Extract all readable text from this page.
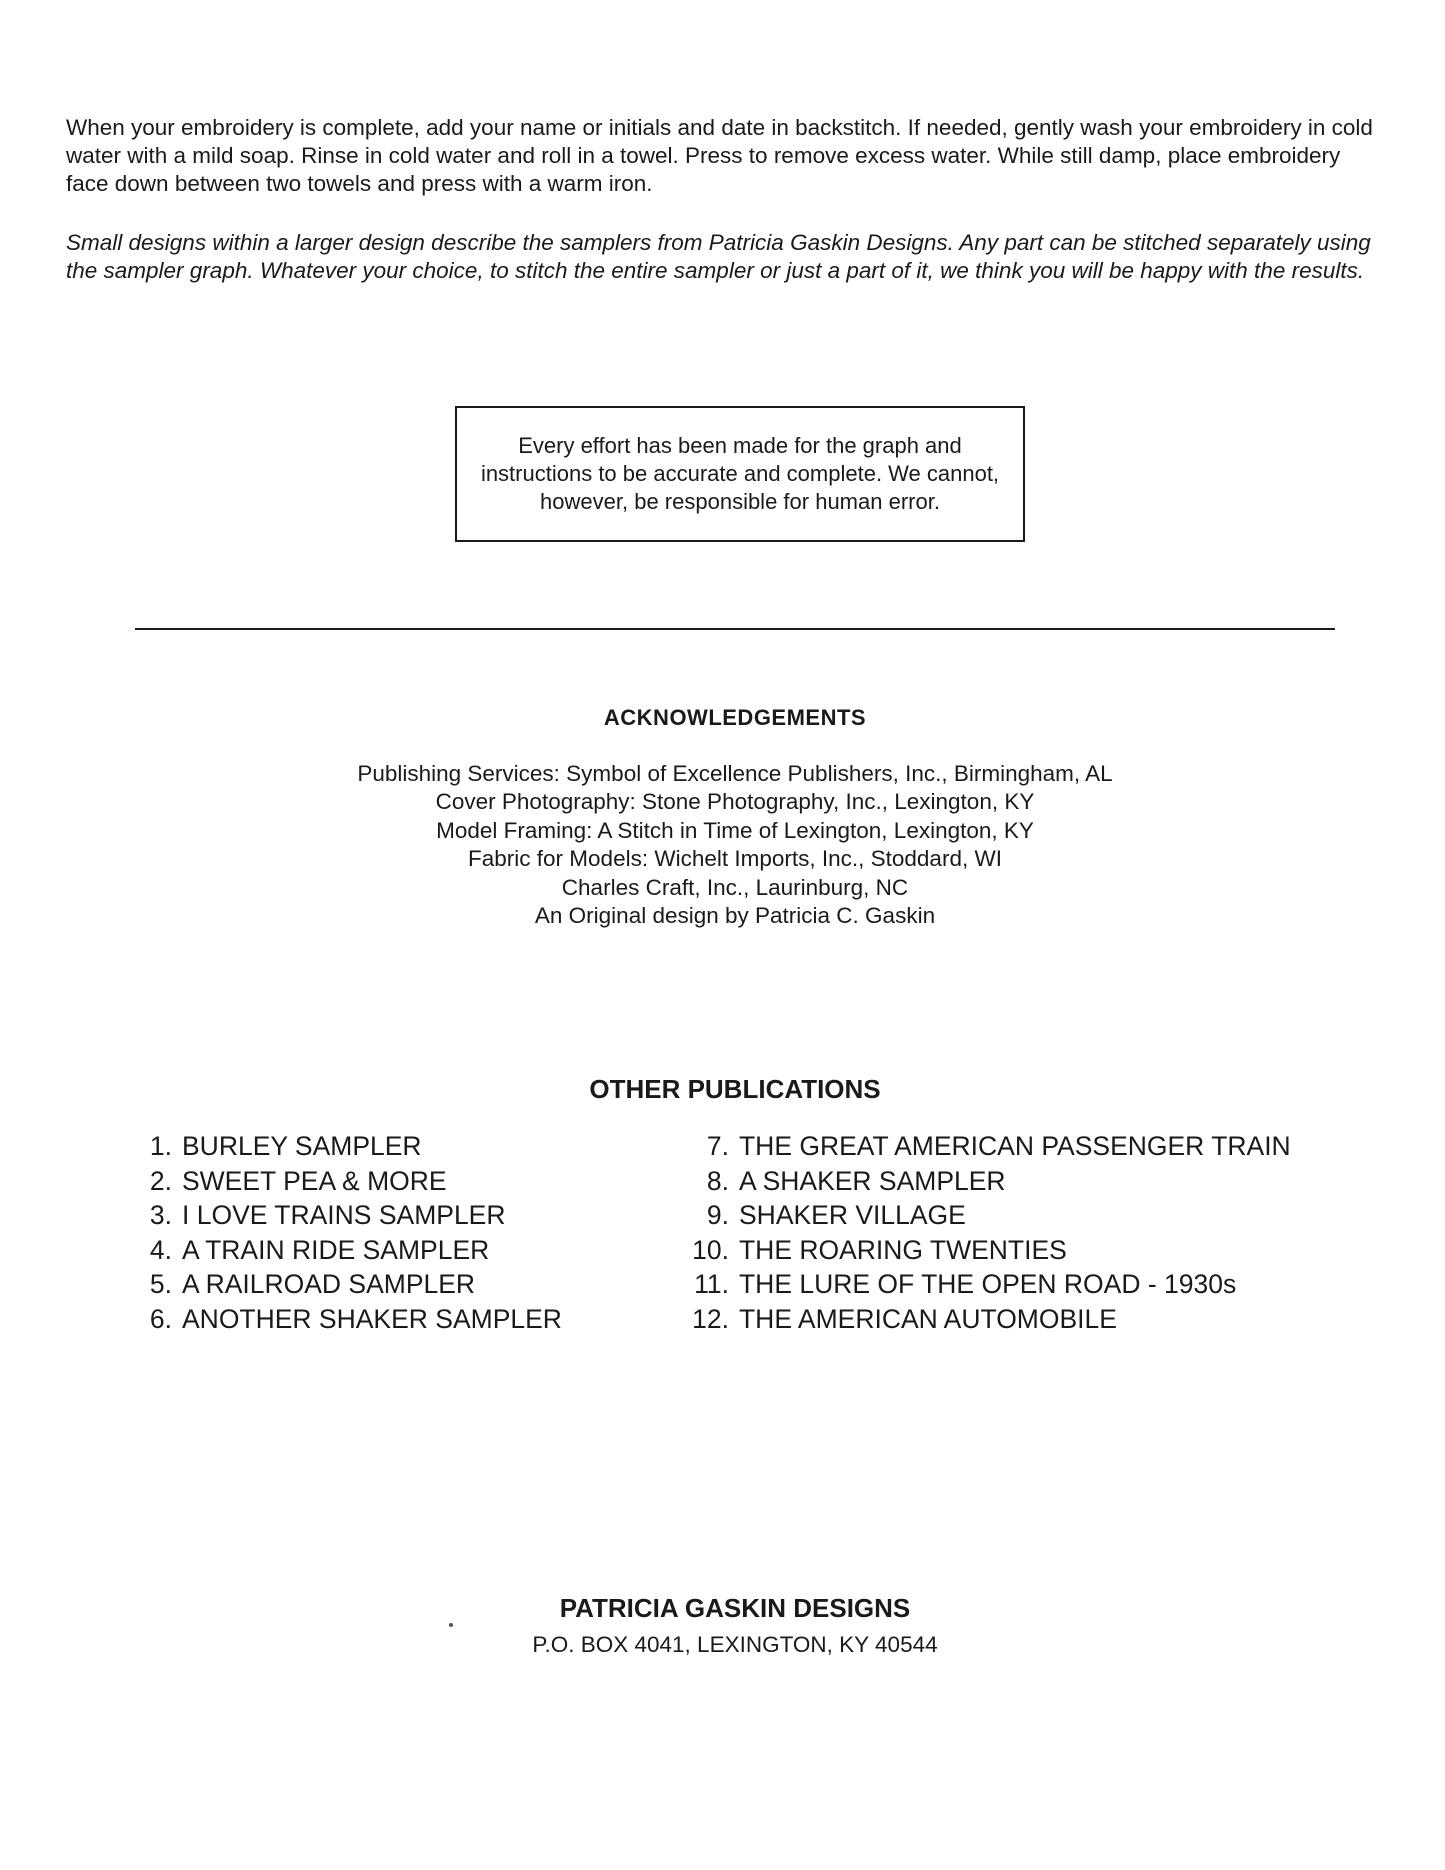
When your embroidery is complete, add your name or initials and date in backstitch. If needed, gently wash your embroidery in cold water with a mild soap. Rinse in cold water and roll in a towel. Press to remove excess water. While still damp, place embroidery face down between two towels and press with a warm iron.

Small designs within a larger design describe the samplers from Patricia Gaskin Designs. Any part can be stitched separately using the sampler graph. Whatever your choice, to stitch the entire sampler or just a part of it, we think you will be happy with the results.

Every effort has been made for the graph and instructions to be accurate and complete. We cannot, however, be responsible for human error.

ACKNOWLEDGEMENTS
Publishing Services: Symbol of Excellence Publishers, Inc., Birmingham, AL
Cover Photography: Stone Photography, Inc., Lexington, KY
Model Framing: A Stitch in Time of Lexington, Lexington, KY
Fabric for Models: Wichelt Imports, Inc., Stoddard, WI
Charles Craft, Inc., Laurinburg, NC
An Original design by Patricia C. Gaskin
OTHER PUBLICATIONS
1. BURLEY SAMPLER
2. SWEET PEA & MORE
3. I LOVE TRAINS SAMPLER
4. A TRAIN RIDE SAMPLER
5. A RAILROAD SAMPLER
6. ANOTHER SHAKER SAMPLER
7. THE GREAT AMERICAN PASSENGER TRAIN
8. A SHAKER SAMPLER
9. SHAKER VILLAGE
10. THE ROARING TWENTIES
11. THE LURE OF THE OPEN ROAD - 1930s
12. THE AMERICAN AUTOMOBILE
PATRICIA GASKIN DESIGNS

P.O. BOX 4041, LEXINGTON, KY 40544
